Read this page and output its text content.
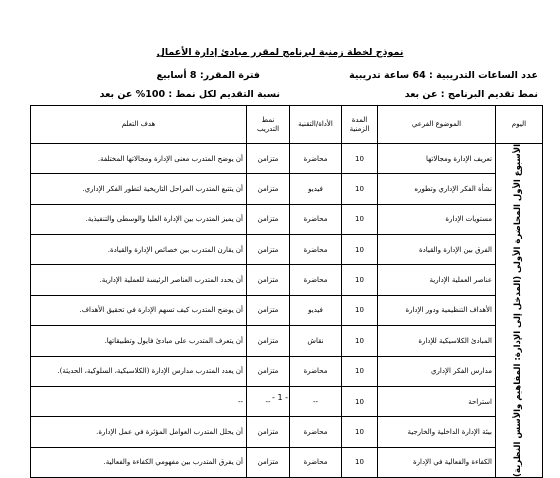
نموذج لخطة زمنية لبرنامج لمقرر مبادئ إدارة الأعمال
عدد الساعات التدريبية : 64 ساعة تدريبية
فترة المقرر: 8 أسابيع
نمط تقديم البرنامج : عن بعد
نسبة التقديم لكل نمط : 100% عن بعد
اليوم	الموضوع الفرعي	المدة الزمنية	الأداة/التقنية	نمط التدريب	هدف التعلم

الأسبوع الأول المحاضرة الأولى (المدخل إلى الإدارة: المفاهيم والأسس النظرية)	تعريف الإدارة ومجالاتها	10	محاضرة	متزامن	أن يوضح المتدرب معنى الإدارة ومجالاتها المختلفة.
	نشأة الفكر الإداري وتطوره	10	فيديو	متزامن	أن يتتبع المتدرب المراحل التاريخية لتطور الفكر الإداري.
	مستويات الإدارة	10	محاضرة	متزامن	أن يميز المتدرب بين الإدارة العليا والوسطى والتنفيذية.
	الفرق بين الإدارة والقيادة	10	محاضرة	متزامن	أن يقارن المتدرب بين خصائص الإدارة والقيادة.
	عناصر العملية الإدارية	10	محاضرة	متزامن	أن يحدد المتدرب العناصر الرئيسة للعملية الإدارية.
	الأهداف التنظيمية ودور الإدارة	10	فيديو	متزامن	أن يوضح المتدرب كيف تسهم الإدارة في تحقيق الأهداف.
	المبادئ الكلاسيكية للإدارة	10	نقاش	متزامن	أن يتعرف المتدرب على مبادئ فايول وتطبيقاتها.
	مدارس الفكر الإداري	10	محاضرة	متزامن	أن يعدد المتدرب مدارس الإدارة (الكلاسيكية، السلوكية، الحديثة).
	استراحة	10	--	--	--
	بيئة الإدارة الداخلية والخارجية	10	محاضرة	متزامن	أن يحلل المتدرب العوامل المؤثرة في عمل الإدارة.
	الكفاءة والفعالية في الإدارة	10	محاضرة	متزامن	أن يفرق المتدرب بين مفهومي الكفاءة والفعالية.
- 1 -
